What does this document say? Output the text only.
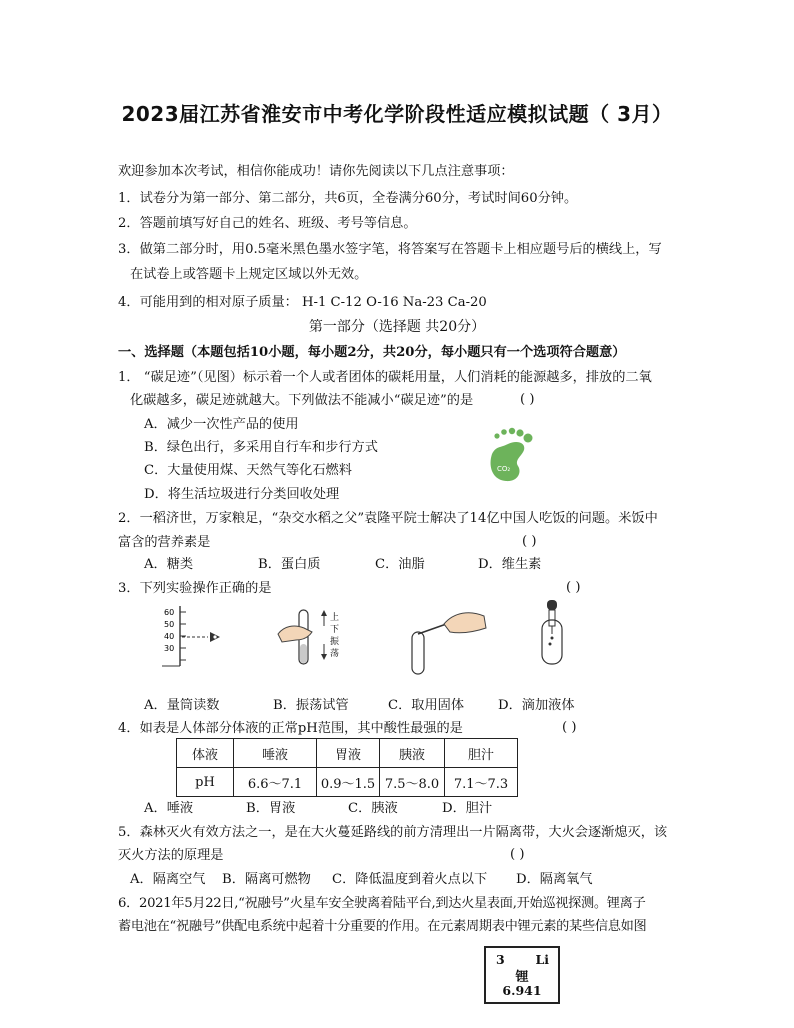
2023届江苏省淮安市中考化学阶段性适应模拟试题（ 3月）
欢迎参加本次考试，相信你能成功！请你先阅读以下几点注意事项：
1．试卷分为第一部分、第二部分，共6页，全卷满分60分，考试时间60分钟。
2．答题前填写好自己的姓名、班级、考号等信息。
3．做第二部分时，用0.5毫米黑色墨水签字笔，将答案写在答题卡上相应题号后的横线上，写
在试卷上或答题卡上规定区域以外无效。
4．可能用到的相对原子质量： H-1 C-12 O-16 Na-23 Ca-20
第一部分（选择题 共20分）
一、选择题（本题包括10小题，每小题2分，共20分，每小题只有一个选项符合题意）
1． “碳足迹”（见图）标示着一个人或者团体的碳耗用量，人们消耗的能源越多，排放的二氧
化碳越多，碳足迹就越大。下列做法不能减小“碳足迹”的是	( )
A．减少一次性产品的使用
B．绿色出行，多采用自行车和步行方式
C．大量使用煤、天然气等化石燃料
D．将生活垃圾进行分类回收处理
CO₂
2．一稻济世，万家粮足，“杂交水稻之父”袁隆平院士解决了14亿中国人吃饭的问题。米饭中
富含的营养素是	( )
A．糖类	B．蛋白质	C．油脂	D．维生素
3．下列实验操作正确的是	( )
60
50
40
30
上
下
振
荡
A．量筒读数	B．振荡试管	C．取用固体	D．滴加液体
4．如表是人体部分体液的正常pH范围，其中酸性最强的是	( )
体液	唾液	胃液	胰液	胆汁
pH	6.6～7.1	0.9～1.5	7.5～8.0	7.1～7.3
A．唾液	B．胃液	C．胰液	D．胆汁
5．森林灭火有效方法之一，是在大火蔓延路线的前方清理出一片隔离带，大火会逐渐熄灭，该
灭火方法的原理是	( )
A．隔离空气 B．隔离可燃物 C．降低温度到着火点以下 D．隔离氧气
6．2021年5月22日,“祝融号”火星车安全驶离着陆平台,到达火星表面,开始巡视探测。锂离子
蓄电池在“祝融号”供配电系统中起着十分重要的作用。在元素周期表中锂元素的某些信息如图
3 Li
锂
6.941
